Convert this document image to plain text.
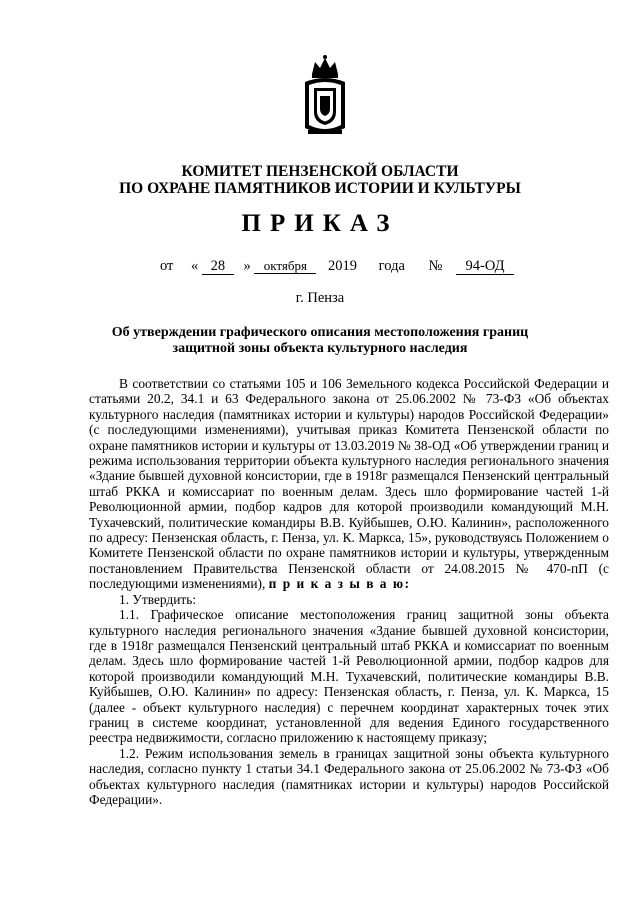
КОМИТЕТ ПЕНЗЕНСКОЙ ОБЛАСТИ
ПО ОХРАНЕ ПАМЯТНИКОВ ИСТОРИИ И КУЛЬТУРЫ
ПРИКАЗ
от « 28 » октября 2019 года № 94-ОД
г. Пенза
Об утверждении графического описания местоположения границ
защитной зоны объекта культурного наследия

В соответствии со статьями 105 и 106 Земельного кодекса Российской Федерации и статьями 20.2, 34.1 и 63 Федерального закона от 25.06.2002 № 73-ФЗ «Об объектах культурного наследия (памятниках истории и культуры) народов Российской Федерации» (с последующими изменениями), учитывая приказ Комитета Пензенской области по охране памятников истории и культуры от 13.03.2019 № 38-ОД «Об утверждении границ и режима использования территории объекта культурного наследия регионального значения «Здание бывшей духовной консистории, где в 1918г размещался Пензенский центральный штаб РККА и комиссариат по военным делам. Здесь шло формирование частей 1-й Революционной армии, подбор кадров для которой производили командующий М.Н. Тухачевский, политические командиры В.В. Куйбышев, О.Ю. Калинин», расположенного по адресу: Пензенская область, г. Пенза, ул. К. Маркса, 15», руководствуясь Положением о Комитете Пензенской области по охране памятников истории и культуры, утвержденным постановлением Правительства Пензенской области от 24.08.2015 № 470-пП (с последующими изменениями), п р и к а з ы в а ю:

1. Утвердить:

1.1. Графическое описание местоположения границ защитной зоны объекта культурного наследия регионального значения «Здание бывшей духовной консистории, где в 1918г размещался Пензенский центральный штаб РККА и комиссариат по военным делам. Здесь шло формирование частей 1-й Революционной армии, подбор кадров для которой производили командующий М.Н. Тухачевский, политические командиры В.В. Куйбышев, О.Ю. Калинин» по адресу: Пензенская область, г. Пенза, ул. К. Маркса, 15 (далее - объект культурного наследия) с перечнем координат характерных точек этих границ в системе координат, установленной для ведения Единого государственного реестра недвижимости, согласно приложению к настоящему приказу;

1.2. Режим использования земель в границах защитной зоны объекта культурного наследия, согласно пункту 1 статьи 34.1 Федерального закона от 25.06.2002 № 73-ФЗ «Об объектах культурного наследия (памятниках истории и культуры) народов Российской Федерации».
